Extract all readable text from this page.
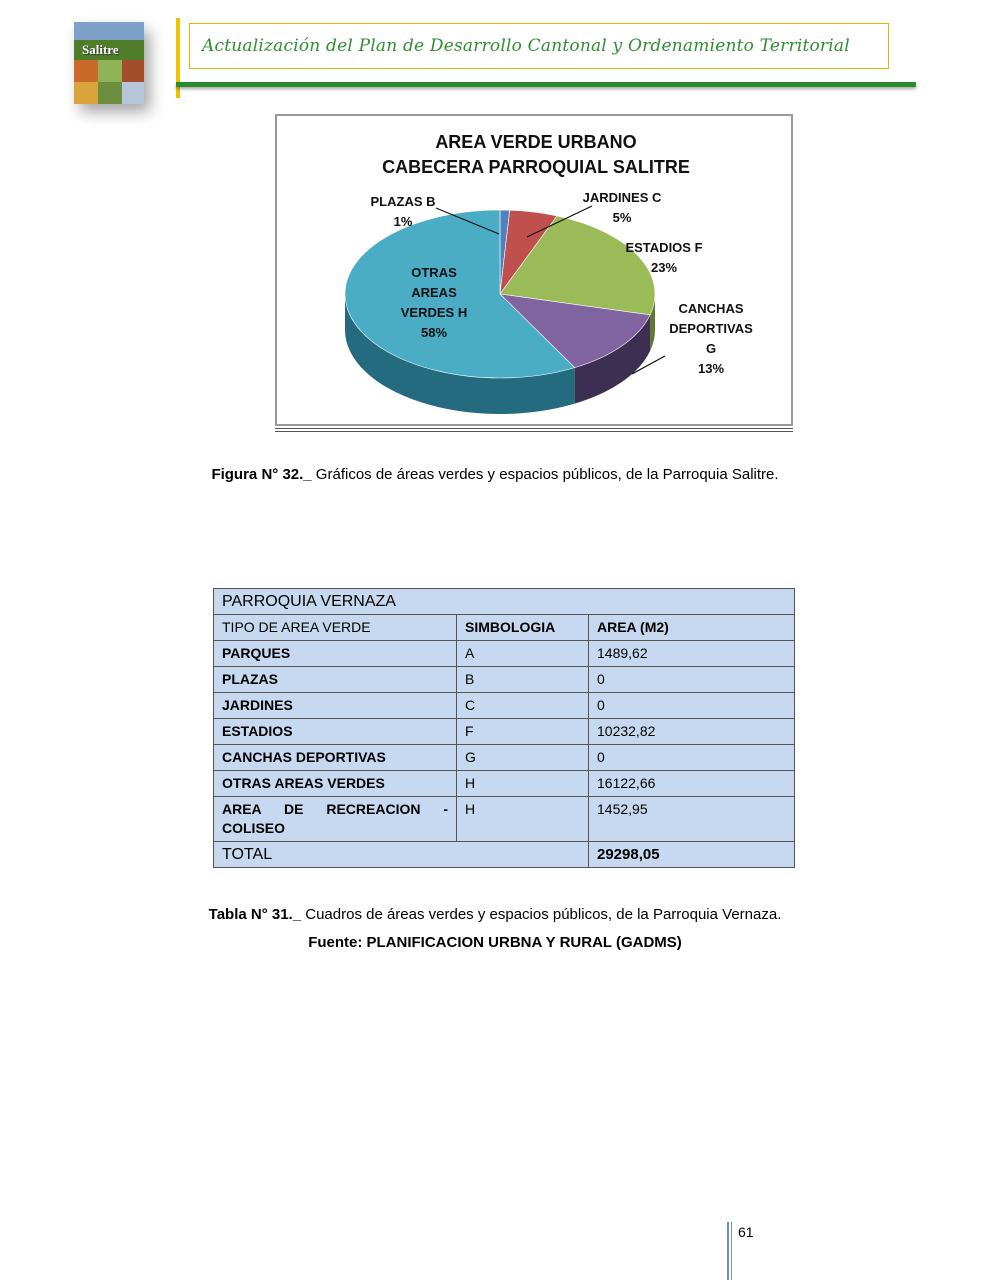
Salitre	Actualización del Plan de Desarrollo Cantonal y Ordenamiento Territorial
AREA VERDE URBANO
CABECERA PARROQUIAL SALITRE
PLAZAS B
1%
JARDINES C
5%
ESTADIOS F
23%
CANCHAS
DEPORTIVAS
G
13%
OTRAS
AREAS
VERDES H
58%
Figura N° 32._ Gráficos de áreas verdes y espacios públicos, de la Parroquia Salitre.
PARROQUIA VERNAZA		
TIPO DE AREA VERDE	SIMBOLOGIA	AREA (M2)
PARQUES	A	1489,62
PLAZAS	B	0
JARDINES	C	0
ESTADIOS	F	10232,82
CANCHAS DEPORTIVAS	G	0
OTRAS AREAS VERDES	H	16122,66
AREA DE RECREACION - COLISEO	H	1452,95
TOTAL		29298,05
Tabla N° 31._ Cuadros de áreas verdes y espacios públicos, de la Parroquia Vernaza.
Fuente: PLANIFICACION URBNA Y RURAL (GADMS)
61
